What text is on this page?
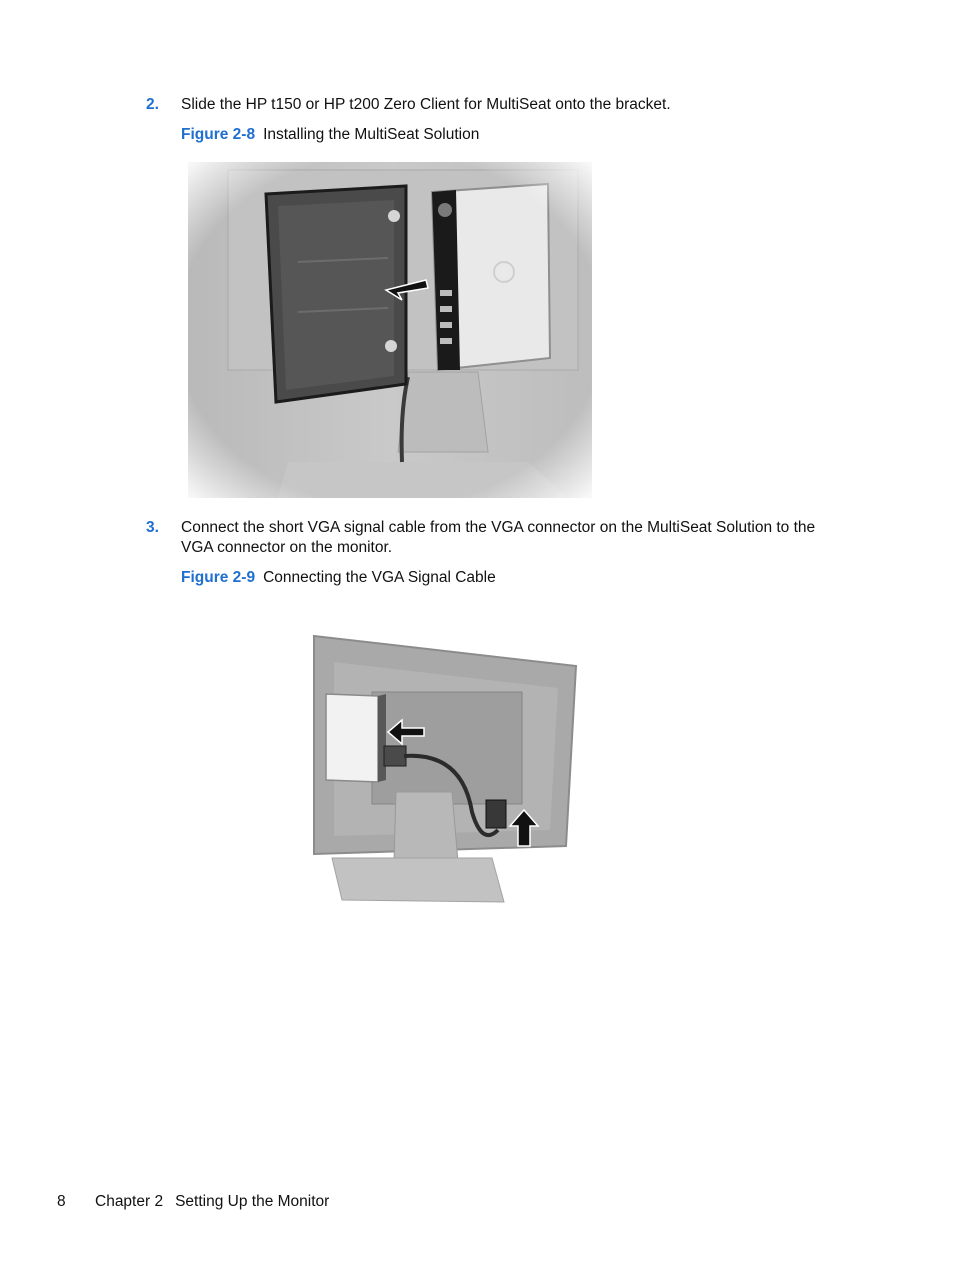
2.	Slide the HP t150 or HP t200 Zero Client for MultiSeat onto the bracket.
Figure 2-8 Installing the MultiSeat Solution
3.	Connect the short VGA signal cable from the VGA connector on the MultiSeat Solution to the VGA connector on the monitor.
Figure 2-9 Connecting the VGA Signal Cable
8	Chapter 2 Setting Up the Monitor
